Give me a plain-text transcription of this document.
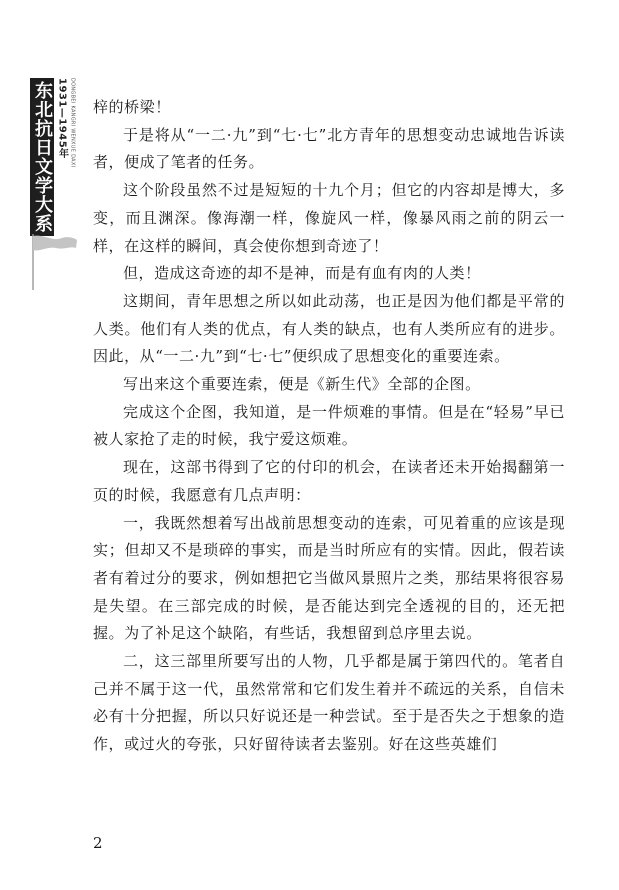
东北抗日文学大系 1931—1945年 DONGBEI KANGRI WENXUE DAXI 梓的桥梁！

于是将从“一二·九”到“七·七”北方青年的思想变动忠诚地告诉读者，便成了笔者的任务。

这个阶段虽然不过是短短的十九个月；但它的内容却是博大，多变，而且渊深。像海潮一样，像旋风一样，像暴风雨之前的阴云一样，在这样的瞬间，真会使你想到奇迹了！

但，造成这奇迹的却不是神，而是有血有肉的人类！

这期间，青年思想之所以如此动荡，也正是因为他们都是平常的人类。他们有人类的优点，有人类的缺点，也有人类所应有的进步。因此，从“一二·九”到“七·七”便织成了思想变化的重要连索。

写出来这个重要连索，便是《新生代》全部的企图。

完成这个企图，我知道，是一件烦难的事情。但是在“轻易”早已被人家抢了走的时候，我宁爱这烦难。

现在，这部书得到了它的付印的机会，在读者还未开始揭翻第一页的时候，我愿意有几点声明：

一，我既然想着写出战前思想变动的连索，可见着重的应该是现实；但却又不是琐碎的事实，而是当时所应有的实情。因此，假若读者有着过分的要求，例如想把它当做风景照片之类，那结果将很容易是失望。在三部完成的时候，是否能达到完全透视的目的，还无把握。为了补足这个缺陷，有些话，我想留到总序里去说。

二，这三部里所要写出的人物，几乎都是属于第四代的。笔者自己并不属于这一代，虽然常常和它们发生着并不疏远的关系，自信未必有十分把握，所以只好说还是一种尝试。至于是否失之于想象的造作，或过火的夸张，只好留待读者去鉴别。好在这些英雄们

2
